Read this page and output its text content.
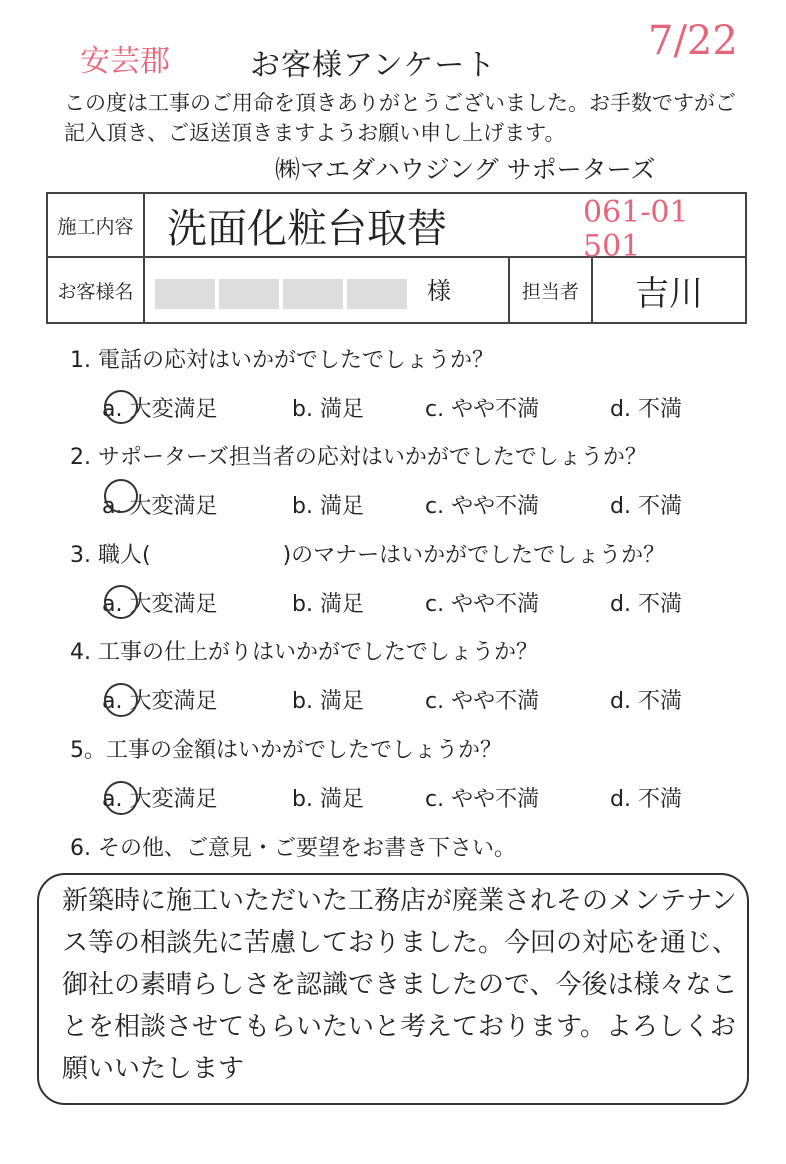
安芸郡	7/22
お客様アンケート
この度は工事のご用命を頂きありがとうございました。お手数ですがご記入頂き、ご返送頂きますようお願い申し上げます。
㈱マエダハウジング サポーターズ
施工内容	洗面化粧台取替 061-01501		

お客様名	様	担当者	吉川
1. 電話の応対はいかがでしたでしょうか？
a. 大変満足	b. 満足	c. やや不満	d. 不満
2. サポーターズ担当者の応対はいかがでしたでしょうか？
a. 大変満足	b. 満足	c. やや不満	d. 不満
3. 職人(　　　　　　)のマナーはいかがでしたでしょうか？
a. 大変満足	b. 満足	c. やや不満	d. 不満
4. 工事の仕上がりはいかがでしたでしょうか？
a. 大変満足	b. 満足	c. やや不満	d. 不満
5。工事の金額はいかがでしたでしょうか？
a. 大変満足	b. 満足	c. やや不満	d. 不満
6. その他、ご意見・ご要望をお書き下さい。
新築時に施工いただいた工務店が廃業されそのメンテナンス等の相談先に苦慮しておりました。今回の対応を通じ、御社の素晴らしさを認識できましたので、今後は様々なことを相談させてもらいたいと考えております。よろしくお願いいたします
